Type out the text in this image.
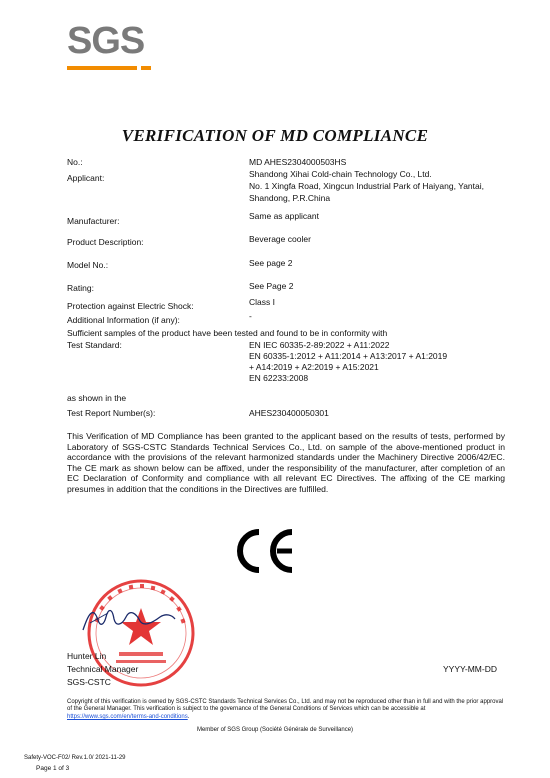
SGS
VERIFICATION OF MD COMPLIANCE
No.:	MD AHES2304000503HS
Applicant:	Shandong Xihai Cold-chain Technology Co., Ltd.
No. 1 Xingfa Road, Xingcun Industrial Park of Haiyang, Yantai,
Shandong, P.R.China
Manufacturer:	Same as applicant
Product Description:	Beverage cooler
Model No.:	See page 2
Rating:	See Page 2
Protection against Electric Shock:	Class I
Additional Information (if any):	-
Sufficient samples of the product have been tested and found to be in conformity with
Test Standard:	EN IEC 60335-2-89:2022 + A11:2022
EN 60335-1:2012 + A11:2014 + A13:2017 + A1:2019
+ A14:2019 + A2:2019 + A15:2021
EN 62233:2008
as shown in the
Test Report Number(s):	AHES230400050301
This Verification of MD Compliance has been granted to the applicant based on the results of tests, performed by Laboratory of SGS-CSTC Standards Technical Services Co., Ltd. on sample of the above-mentioned product in accordance with the provisions of the relevant harmonized standards under the Machinery Directive 2006/42/EC. The CE mark as shown below can be affixed, under the responsibility of the manufacturer, after completion of an EC Declaration of Conformity and compliance with all relevant EC Directives. The affixing of the CE marking presumes in addition that the conditions in the Directives are fulfilled.
Hunter Lin
Technical Manager
SGS-CSTC
YYYY-MM-DD
Copyright of this verification is owned by SGS-CSTC Standards Technical Services Co., Ltd. and may not be reproduced other than in full and with the prior approval of the General Manager. This verification is subject to the governance of the General Conditions of Services which can be accessible at https://www.sgs.com/en/terms-and-conditions.
Member of SGS Group (Société Générale de Surveillance)
Safety-VOC-F02/ Rev.1.0/ 2021-11-29
Page 1 of 3
